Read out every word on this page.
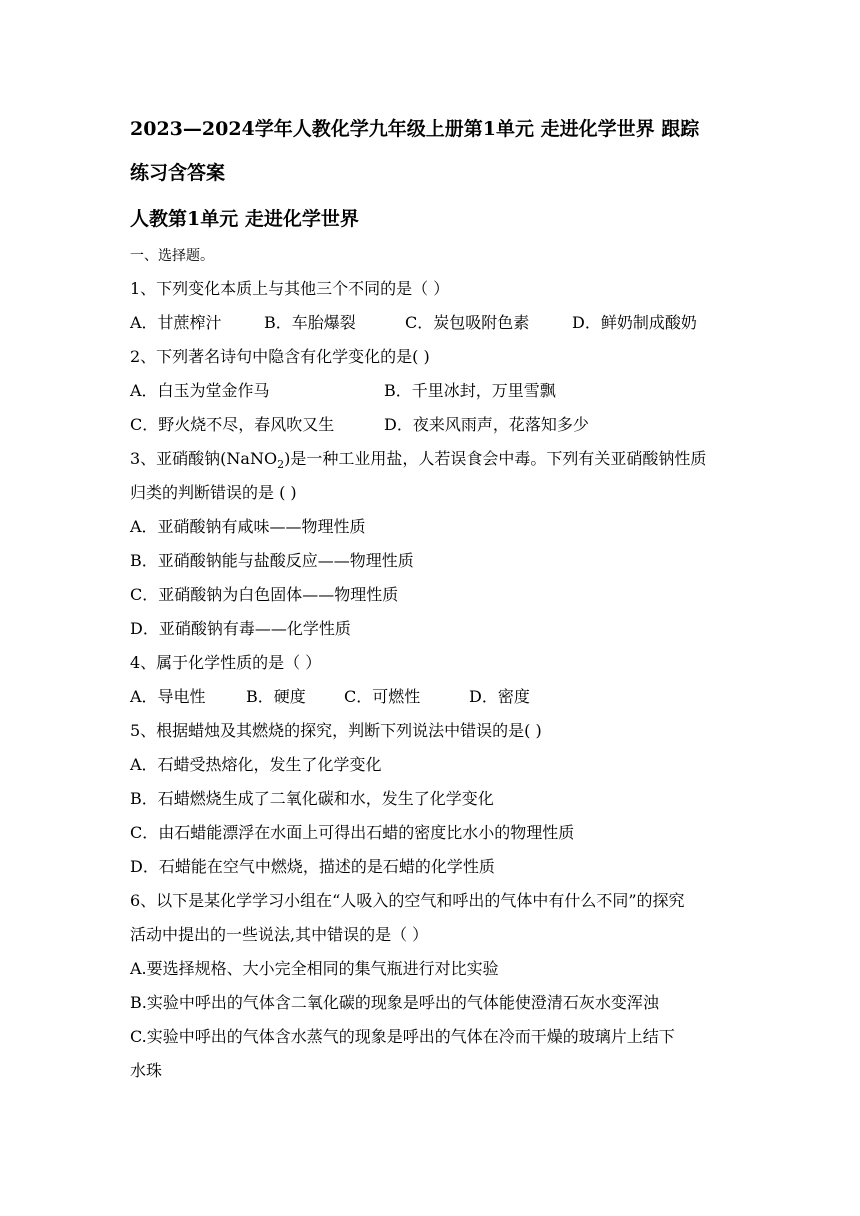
2023—2024学年人教化学九年级上册第1单元 走进化学世界 跟踪
练习含答案
人教第1单元 走进化学世界
一、选择题。
1、下列变化本质上与其他三个不同的是（ ）
A．甘蔗榨汁	B．车胎爆裂	C．炭包吸附色素	D．鲜奶制成酸奶
2、下列著名诗句中隐含有化学变化的是( )
A．白玉为堂金作马	B．千里冰封，万里雪飘
C．野火烧不尽，春风吹又生	D．夜来风雨声，花落知多少
3、亚硝酸钠(NaNO$_2$)是一种工业用盐，人若误食会中毒。下列有关亚硝酸钠性质
归类的判断错误的是 ( )
A．亚硝酸钠有咸味——物理性质
B．亚硝酸钠能与盐酸反应——物理性质
C．亚硝酸钠为白色固体——物理性质
D．亚硝酸钠有毒——化学性质
4、属于化学性质的是（ ）
A．导电性	B．硬度 C．可燃性	D．密度
5、根据蜡烛及其燃烧的探究，判断下列说法中错误的是( )
A．石蜡受热熔化，发生了化学变化
B．石蜡燃烧生成了二氧化碳和水，发生了化学变化
C．由石蜡能漂浮在水面上可得出石蜡的密度比水小的物理性质
D．石蜡能在空气中燃烧，描述的是石蜡的化学性质
6、以下是某化学学习小组在“人吸入的空气和呼出的气体中有什么不同”的探究
活动中提出的一些说法,其中错误的是（ ）
A.要选择规格、大小完全相同的集气瓶进行对比实验
B.实验中呼出的气体含二氧化碳的现象是呼出的气体能使澄清石灰水变浑浊
C.实验中呼出的气体含水蒸气的现象是呼出的气体在冷而干燥的玻璃片上结下
水珠
